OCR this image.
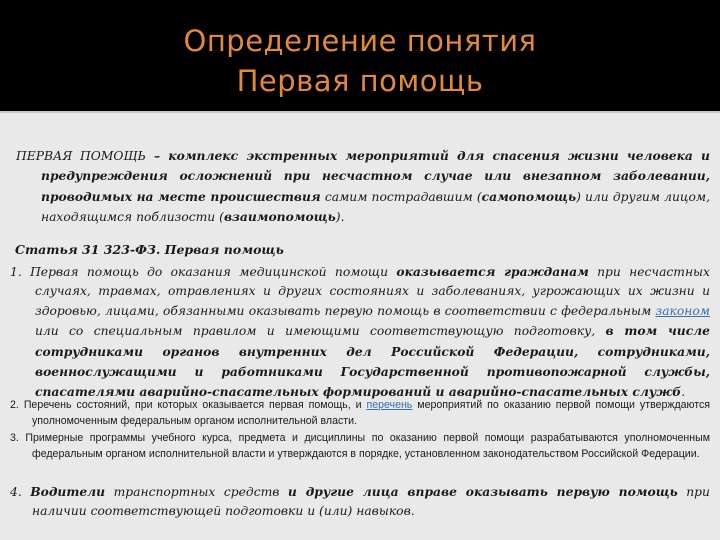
Определение понятия
Первая помощь
ПЕРВАЯ ПОМОЩЬ – комплекс экстренных мероприятий для спасения жизни человека и предупреждения осложнений при несчастном случае или внезапном заболевании, проводимых на месте происшествия самим пострадавшим (самопомощь) или другим лицом, находящимся поблизости (взаимопомощь).
Статья 31 323-ФЗ. Первая помощь
1. Первая помощь до оказания медицинской помощи оказывается гражданам при несчастных случаях, травмах, отравлениях и других состояниях и заболеваниях, угрожающих их жизни и здоровью, лицами, обязанными оказывать первую помощь в соответствии с федеральным законом или со специальным правилом и имеющими соответствующую подготовку, в том числе сотрудниками органов внутренних дел Российской Федерации, сотрудниками, военнослужащими и работниками Государственной противопожарной службы, спасателями аварийно-спасательных формирований и аварийно-спасательных служб.
2. Перечень состояний, при которых оказывается первая помощь, и перечень мероприятий по оказанию первой помощи утверждаются уполномоченным федеральным органом исполнительной власти.
3. Примерные программы учебного курса, предмета и дисциплины по оказанию первой помощи разрабатываются уполномоченным федеральным органом исполнительной власти и утверждаются в порядке, установленном законодательством Российской Федерации.
4. Водители транспортных средств и другие лица вправе оказывать первую помощь при наличии соответствующей подготовки и (или) навыков.
